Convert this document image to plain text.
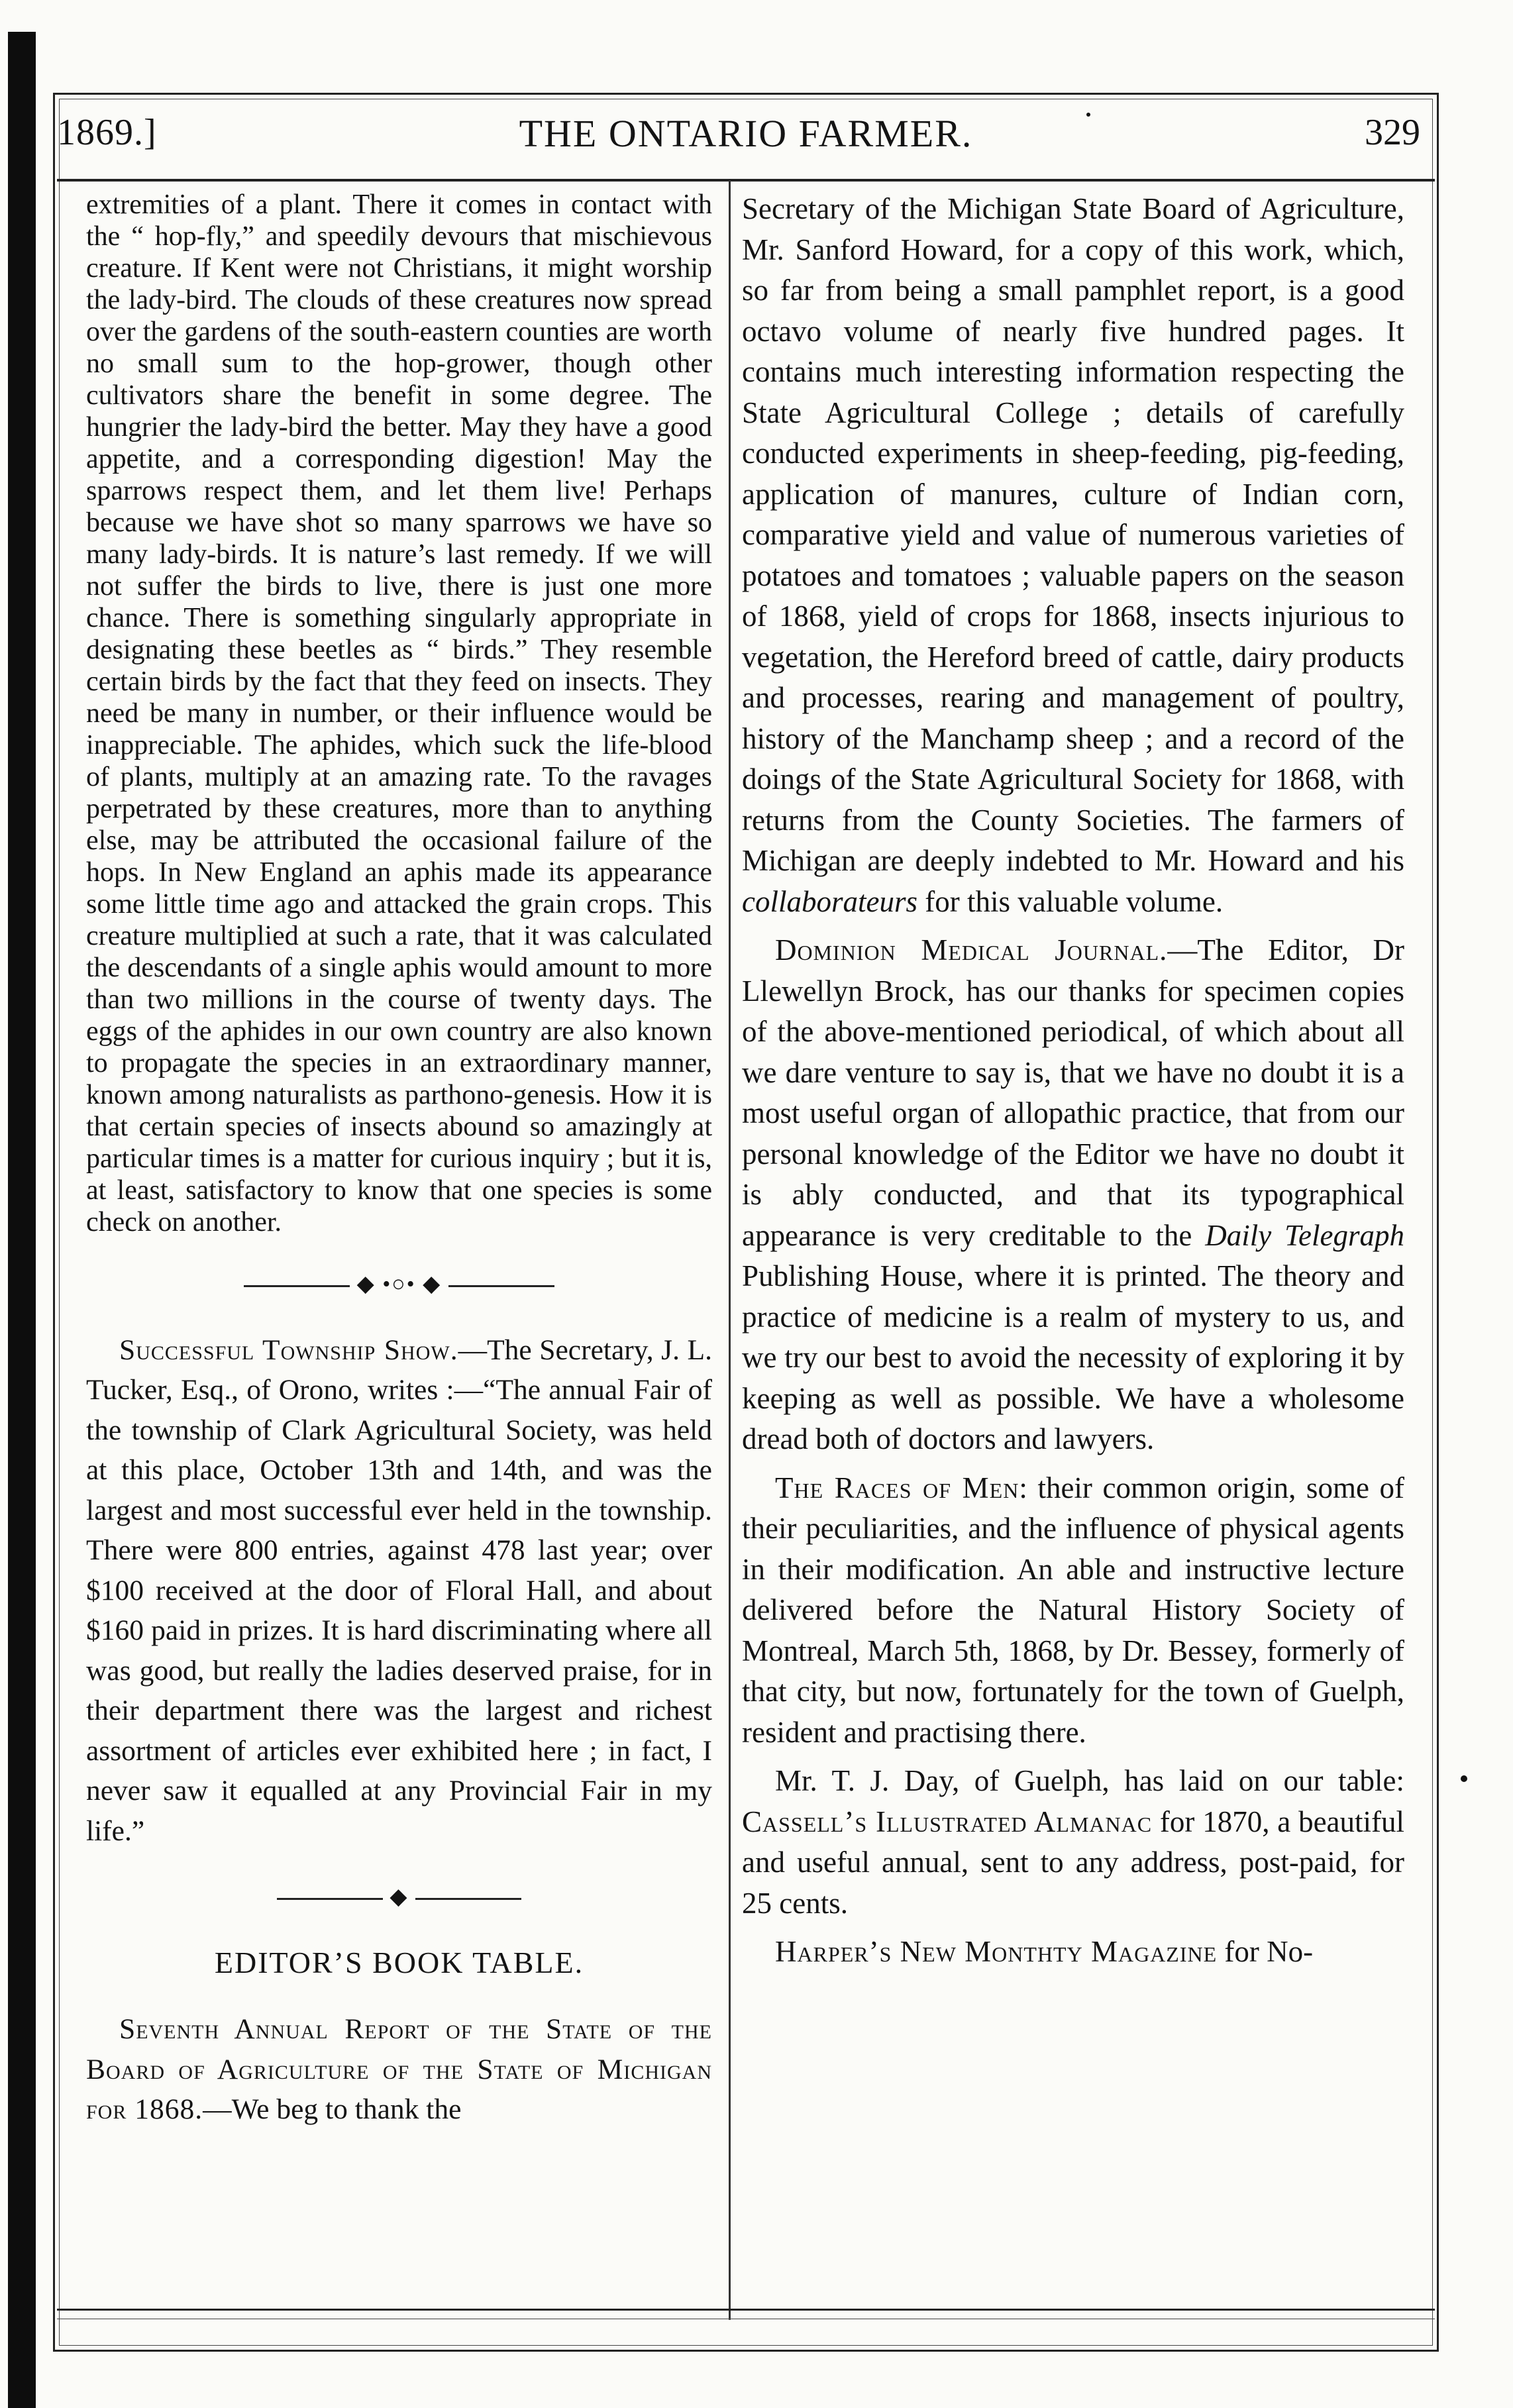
1869.]	THE ONTARIO FARMER.	329

extremities of a plant. There it comes in contact with the “ hop-fly,” and speedily devours that mischievous creature. If Kent were not Christians, it might worship the lady-bird. The clouds of these creatures now spread over the gardens of the south-eastern counties are worth no small sum to the hop-grower, though other cultivators share the benefit in some degree. The hungrier the lady-bird the better. May they have a good appetite, and a corresponding digestion! May the sparrows respect them, and let them live! Perhaps because we have shot so many sparrows we have so many lady-birds. It is nature’s last remedy. If we will not suffer the birds to live, there is just one more chance. There is something singularly appropriate in designating these beetles as “ birds.” They resemble certain birds by the fact that they feed on insects. They need be many in number, or their influence would be inappreciable. The aphides, which suck the life-blood of plants, multiply at an amazing rate. To the ravages perpetrated by these creatures, more than to anything else, may be attributed the occasional failure of the hops. In New England an aphis made its appearance some little time ago and attacked the grain crops. This creature multiplied at such a rate, that it was calculated the descendants of a single aphis would amount to more than two millions in the course of twenty days. The eggs of the aphides in our own country are also known to propagate the species in an extraordinary manner, known among naturalists as parthono-genesis. How it is that certain species of insects abound so amazingly at particular times is a matter for curious inquiry ; but it is, at least, satisfactory to know that one species is some check on another.

◆ •○• ◆

Successful Township Show.—The Secretary, J. L. Tucker, Esq., of Orono, writes :—“The annual Fair of the township of Clark Agricultural Society, was held at this place, October 13th and 14th, and was the largest and most successful ever held in the township. There were 800 entries, against 478 last year; over $100 received at the door of Floral Hall, and about $160 paid in prizes. It is hard discriminating where all was good, but really the ladies deserved praise, for in their department there was the largest and richest assortment of articles ever exhibited here ; in fact, I never saw it equalled at any Provincial Fair in my life.”

◆
EDITOR’S BOOK TABLE.

Seventh Annual Report of the State of the Board of Agriculture of the State of Michigan for 1868.—We beg to thank the

Secretary of the Michigan State Board of Agriculture, Mr. Sanford Howard, for a copy of this work, which, so far from being a small pamphlet report, is a good octavo volume of nearly five hundred pages. It contains much interesting information respecting the State Agricultural College ; details of carefully conducted experiments in sheep-feeding, pig-feeding, application of manures, culture of Indian corn, comparative yield and value of numerous varieties of potatoes and tomatoes ; valuable papers on the season of 1868, yield of crops for 1868, insects injurious to vegetation, the Hereford breed of cattle, dairy products and processes, rearing and management of poultry, history of the Manchamp sheep ; and a record of the doings of the State Agricultural Society for 1868, with returns from the County Societies. The farmers of Michigan are deeply indebted to Mr. Howard and his collaborateurs for this valuable volume.

Dominion Medical Journal.—The Editor, Dr Llewellyn Brock, has our thanks for specimen copies of the above-mentioned periodical, of which about all we dare venture to say is, that we have no doubt it is a most useful organ of allopathic practice, that from our personal knowledge of the Editor we have no doubt it is ably conducted, and that its typographical appearance is very creditable to the Daily Telegraph Publishing House, where it is printed. The theory and practice of medicine is a realm of mystery to us, and we try our best to avoid the necessity of exploring it by keeping as well as possible. We have a wholesome dread both of doctors and lawyers.

The Races of Men: their common origin, some of their peculiarities, and the influence of physical agents in their modification. An able and instructive lecture delivered before the Natural History Society of Montreal, March 5th, 1868, by Dr. Bessey, formerly of that city, but now, fortunately for the town of Guelph, resident and practising there.

Mr. T. J. Day, of Guelph, has laid on our table: Cassell’s Illustrated Almanac for 1870, a beautiful and useful annual, sent to any address, post-paid, for 25 cents.

Harper’s New Monthty Magazine for No-
